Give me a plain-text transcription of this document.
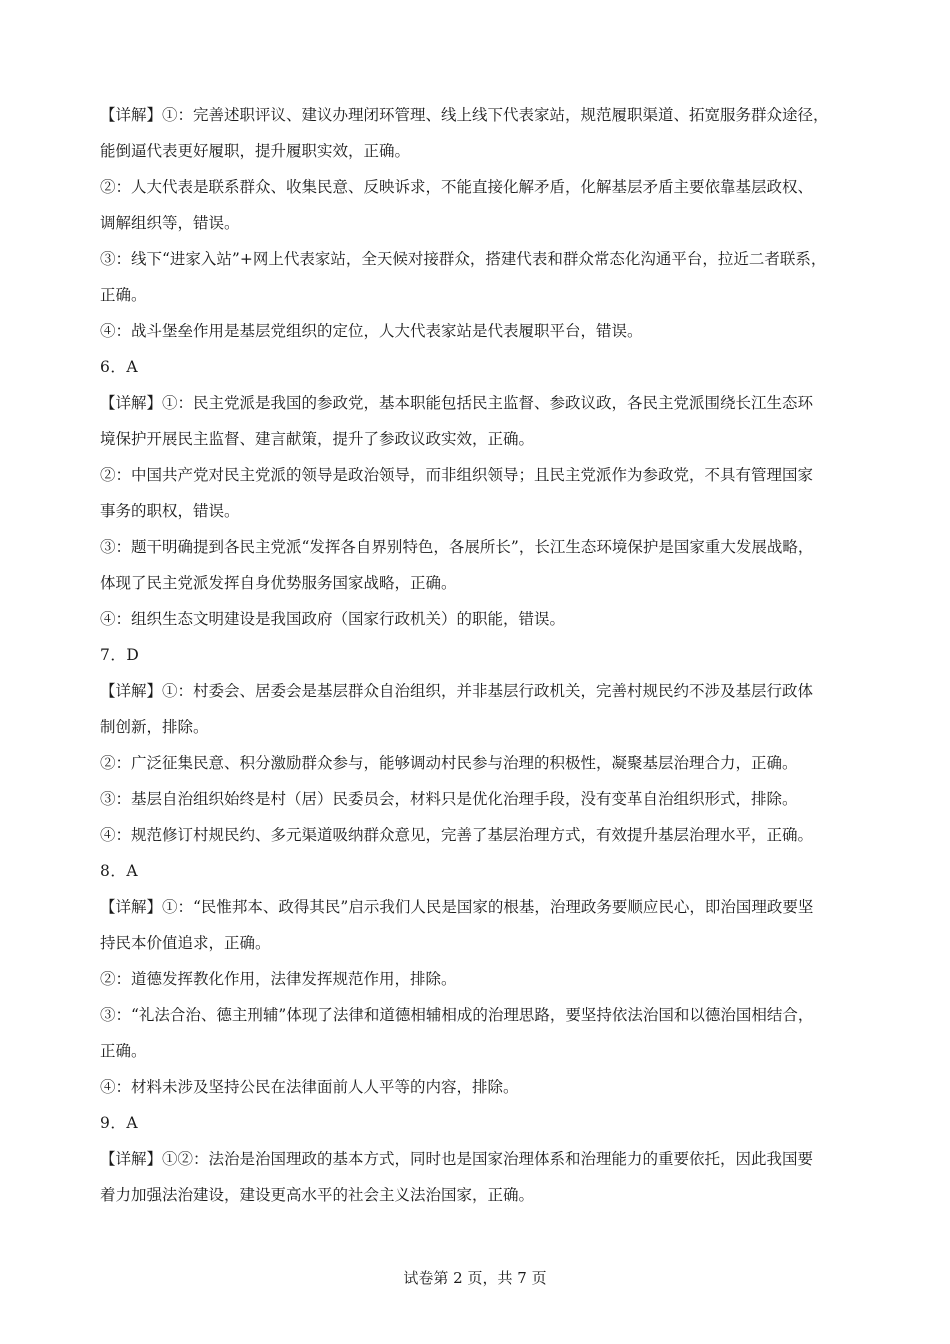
【详解】①：完善述职评议、建议办理闭环管理、线上线下代表家站，规范履职渠道、拓宽服务群众途径，
能倒逼代表更好履职，提升履职实效，正确。
②：人大代表是联系群众、收集民意、反映诉求，不能直接化解矛盾，化解基层矛盾主要依靠基层政权、
调解组织等，错误。
③：线下“进家入站”+网上代表家站，全天候对接群众，搭建代表和群众常态化沟通平台，拉近二者联系，
正确。
④：战斗堡垒作用是基层党组织的定位，人大代表家站是代表履职平台，错误。
6．A
【详解】①：民主党派是我国的参政党，基本职能包括民主监督、参政议政，各民主党派围绕长江生态环
境保护开展民主监督、建言献策，提升了参政议政实效，正确。
②：中国共产党对民主党派的领导是政治领导，而非组织领导；且民主党派作为参政党，不具有管理国家
事务的职权，错误。
③：题干明确提到各民主党派“发挥各自界别特色，各展所长”，长江生态环境保护是国家重大发展战略，
体现了民主党派发挥自身优势服务国家战略，正确。
④：组织生态文明建设是我国政府（国家行政机关）的职能，错误。
7．D
【详解】①：村委会、居委会是基层群众自治组织，并非基层行政机关，完善村规民约不涉及基层行政体
制创新，排除。
②：广泛征集民意、积分激励群众参与，能够调动村民参与治理的积极性，凝聚基层治理合力，正确。
③：基层自治组织始终是村（居）民委员会，材料只是优化治理手段，没有变革自治组织形式，排除。
④：规范修订村规民约、多元渠道吸纳群众意见，完善了基层治理方式，有效提升基层治理水平，正确。
8．A
【详解】①：“民惟邦本、政得其民”启示我们人民是国家的根基，治理政务要顺应民心，即治国理政要坚
持民本价值追求，正确。
②：道德发挥教化作用，法律发挥规范作用，排除。
③：“礼法合治、德主刑辅”体现了法律和道德相辅相成的治理思路，要坚持依法治国和以德治国相结合，
正确。
④：材料未涉及坚持公民在法律面前人人平等的内容，排除。
9．A
【详解】①②：法治是治国理政的基本方式，同时也是国家治理体系和治理能力的重要依托，因此我国要
着力加强法治建设，建设更高水平的社会主义法治国家，正确。
试卷第 2 页，共 7 页
